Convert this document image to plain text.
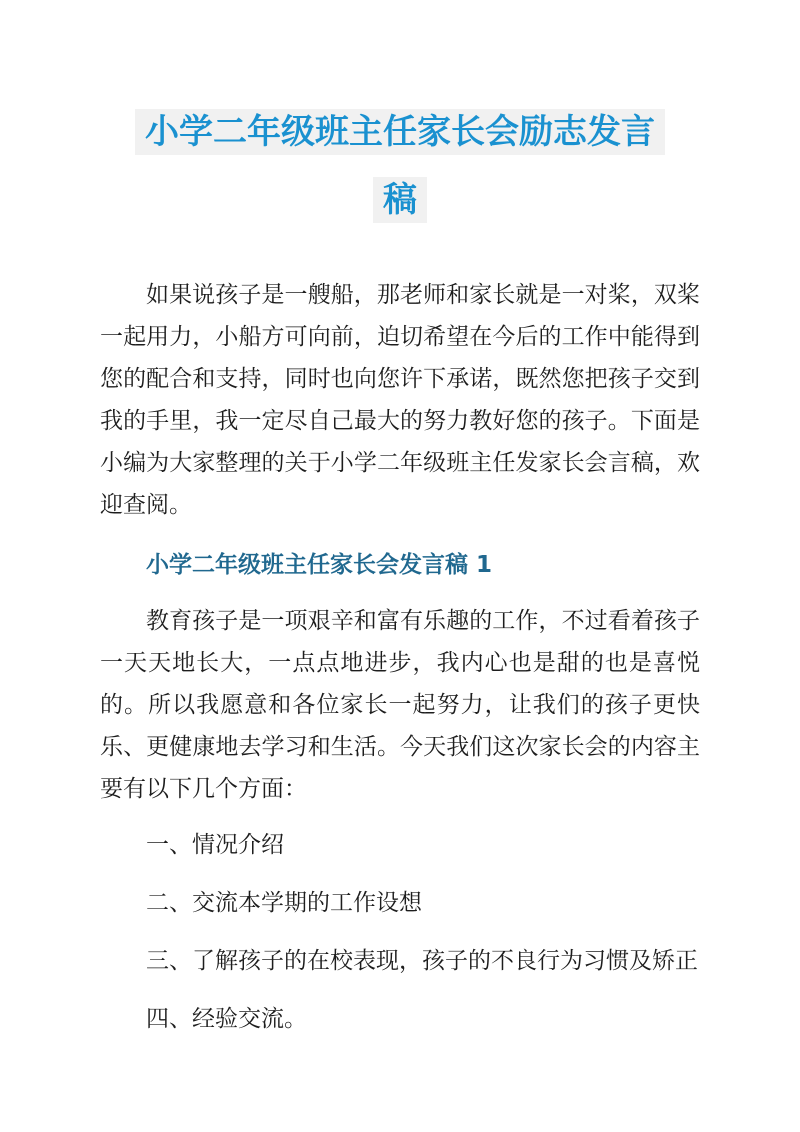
小学二年级班主任家长会励志发言稿

如果说孩子是一艘船，那老师和家长就是一对桨，双桨一起用力，小船方可向前，迫切希望在今后的工作中能得到您的配合和支持，同时也向您许下承诺，既然您把孩子交到我的手里，我一定尽自己最大的努力教好您的孩子。下面是小编为大家整理的关于小学二年级班主任发家长会言稿，欢迎查阅。

小学二年级班主任家长会发言稿 1

教育孩子是一项艰辛和富有乐趣的工作，不过看着孩子一天天地长大，一点点地进步，我内心也是甜的也是喜悦的。所以我愿意和各位家长一起努力，让我们的孩子更快乐、更健康地去学习和生活。今天我们这次家长会的内容主要有以下几个方面：

一、情况介绍

二、交流本学期的工作设想

三、了解孩子的在校表现，孩子的不良行为习惯及矫正

四、经验交流。
